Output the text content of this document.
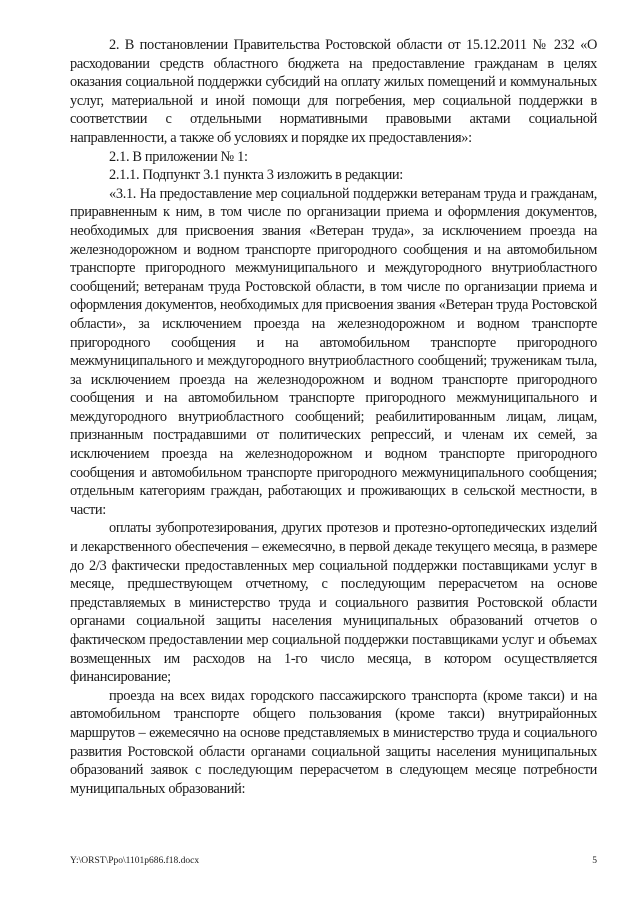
2. В постановлении Правительства Ростовской области от 15.12.2011 № 232 «О расходовании средств областного бюджета на предоставление гражданам в целях оказания социальной поддержки субсидий на оплату жилых помещений и коммунальных услуг, материальной и иной помощи для погребения, мер социальной поддержки в соответствии с отдельными нормативными правовыми актами социальной направленности, а также об условиях и порядке их предоставления»:

2.1. В приложении № 1:

2.1.1. Подпункт 3.1 пункта 3 изложить в редакции:

«3.1. На предоставление мер социальной поддержки ветеранам труда и гражданам, приравненным к ним, в том числе по организации приема и оформления документов, необходимых для присвоения звания «Ветеран труда», за исключением проезда на железнодорожном и водном транспорте пригородного сообщения и на автомобильном транспорте пригородного межмуниципального и междугородного внутриобластного сообщений; ветеранам труда Ростовской области, в том числе по организации приема и оформления документов, необходимых для присвоения звания «Ветеран труда Ростовской области», за исключением проезда на железнодорожном и водном транспорте пригородного сообщения и на автомобильном транспорте пригородного межмуниципального и междугородного внутриобластного сообщений; труженикам тыла, за исключением проезда на железнодорожном и водном транспорте пригородного сообщения и на автомобильном транспорте пригородного межмуниципального и междугородного внутриобластного сообщений; реабилитированным лицам, лицам, признанным пострадавшими от политических репрессий, и членам их семей, за исключением проезда на железнодорожном и водном транспорте пригородного сообщения и автомобильном транспорте пригородного межмуниципального сообщения; отдельным категориям граждан, работающих и проживающих в сельской местности, в части:

оплаты зубопротезирования, других протезов и протезно-ортопедических изделий и лекарственного обеспечения – ежемесячно, в первой декаде текущего месяца, в размере до 2/3 фактически предоставленных мер социальной поддержки поставщиками услуг в месяце, предшествующем отчетному, с последующим перерасчетом на основе представляемых в министерство труда и социального развития Ростовской области органами социальной защиты населения муниципальных образований отчетов о фактическом предоставлении мер социальной поддержки поставщиками услуг и объемах возмещенных им расходов на 1-го число месяца, в котором осуществляется финансирование;

проезда на всех видах городского пассажирского транспорта (кроме такси) и на автомобильном транспорте общего пользования (кроме такси) внутрирайонных маршрутов – ежемесячно на основе представляемых в министерство труда и социального развития Ростовской области органами социальной защиты населения муниципальных образований заявок с последующим перерасчетом в следующем месяце потребности муниципальных образований:

Y:\ORST\Ppo\1101p686.f18.docx	5
